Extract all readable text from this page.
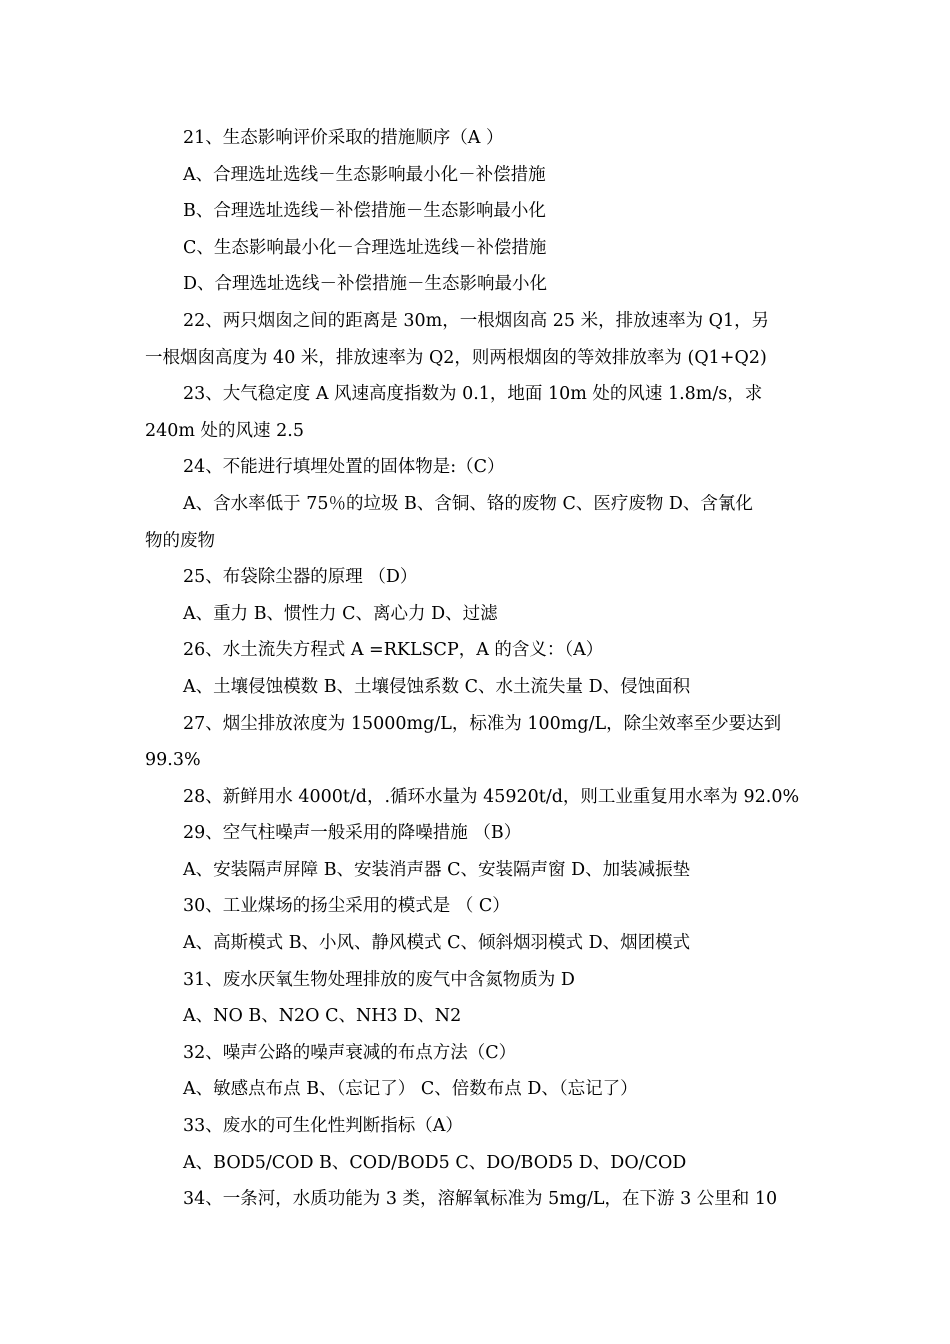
21、生态影响评价采取的措施顺序（A ）
A、合理选址选线－生态影响最小化－补偿措施
B、合理选址选线－补偿措施－生态影响最小化
C、生态影响最小化－合理选址选线－补偿措施
D、合理选址选线－补偿措施－生态影响最小化
22、两只烟囱之间的距离是 30m，一根烟囱高 25 米，排放速率为 Q1，另
一根烟囱高度为 40 米，排放速率为 Q2，则两根烟囱的等效排放率为 (Q1+Q2)
23、大气稳定度 A 风速高度指数为 0.1，地面 10m 处的风速 1.8m/s，求
240m 处的风速 2.5
24、不能进行填埋处置的固体物是:（C）
A、含水率低于 75％的垃圾 B、含铜、铬的废物 C、医疗废物 D、含氰化
物的废物
25、布袋除尘器的原理 （D）
A、重力 B、惯性力 C、离心力 D、过滤
26、水土流失方程式 A =RKLSCP，A 的含义：（A）
A、土壤侵蚀模数 B、土壤侵蚀系数 C、水土流失量 D、侵蚀面积
27、烟尘排放浓度为 15000mg/L，标准为 100mg/L，除尘效率至少要达到
99.3%
28、新鲜用水 4000t/d，.循环水量为 45920t/d，则工业重复用水率为 92.0%
29、空气柱噪声一般采用的降噪措施 （B）
A、安装隔声屏障 B、安装消声器 C、安装隔声窗 D、加装减振垫
30、工业煤场的扬尘采用的模式是 （ C）
A、高斯模式 B、小风、静风模式 C、倾斜烟羽模式 D、烟团模式
31、废水厌氧生物处理排放的废气中含氮物质为 D
A、NO B、N2O C、NH3 D、N2
32、噪声公路的噪声衰减的布点方法（C）
A、敏感点布点 B、（忘记了） C、倍数布点 D、（忘记了）
33、废水的可生化性判断指标（A）
A、BOD5/COD B、COD/BOD5 C、DO/BOD5 D、DO/COD
34、一条河，水质功能为 3 类，溶解氧标准为 5mg/L，在下游 3 公里和 10
